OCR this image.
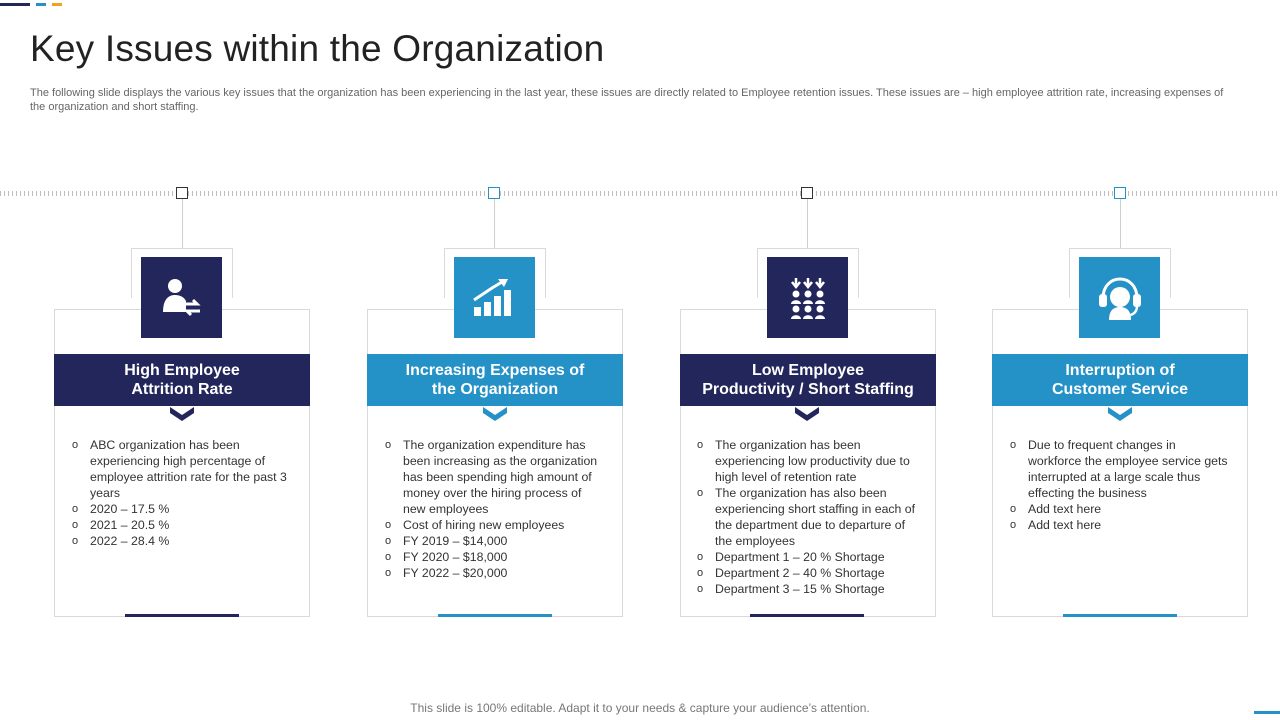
Key Issues within the Organization

The following slide displays the various key issues that the organization has been experiencing in the last year, these issues are directly related to Employee retention issues. These issues are – high employee attrition rate, increasing expenses of the organization and short staffing.

High Employee
Attrition Rate
o ABC organization has been experiencing high percentage of employee attrition rate for the past 3 years
o 2020 – 17.5 %
o 2021 – 20.5 %
o 2022 – 28.4 %
Increasing Expenses of
the Organization
o The organization expenditure has been increasing as the organization has been spending high amount of money over the hiring process of new employees
o Cost of hiring new employees
o FY 2019 – $14,000
o FY 2020 – $18,000
o FY 2022 – $20,000
Low Employee
Productivity / Short Staffing
o The organization has been experiencing low productivity due to high level of retention rate
o The organization has also been experiencing short staffing in each of the department due to departure of the employees
o Department 1 – 20 % Shortage
o Department 2 – 40 % Shortage
o Department 3 – 15 % Shortage
Interruption of
Customer Service
o Due to frequent changes in workforce the employee service gets interrupted at a large scale thus effecting the business
o Add text here
o Add text here
This slide is 100% editable. Adapt it to your needs & capture your audience’s attention.
